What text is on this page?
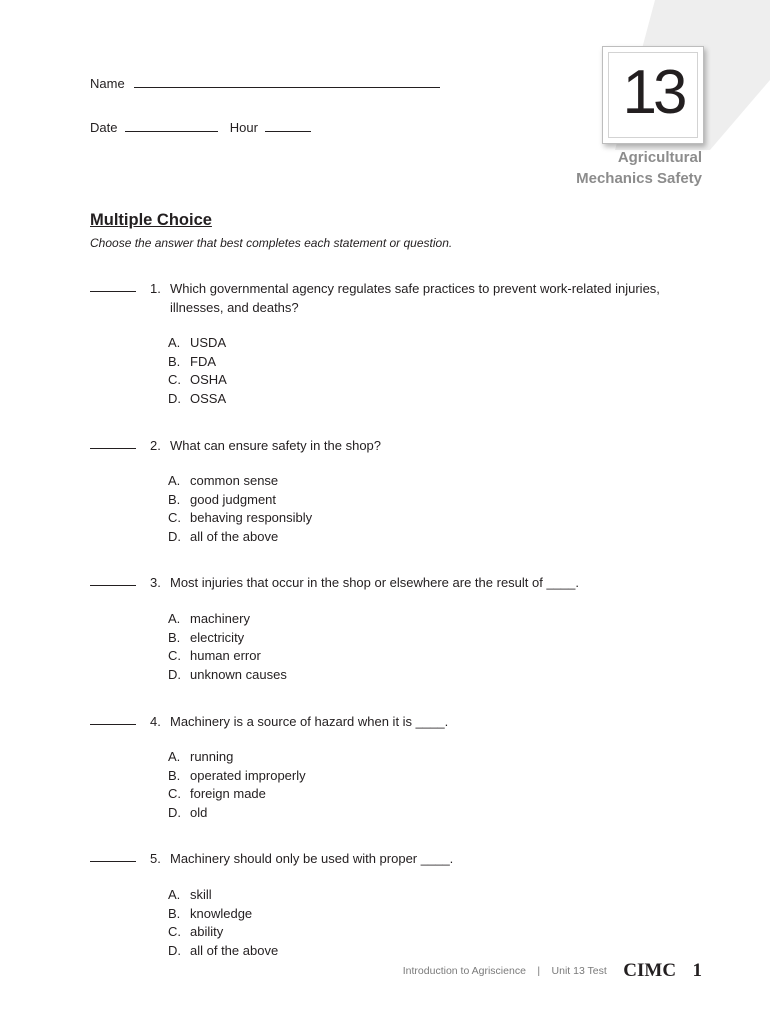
13
Agricultural
Mechanics Safety
Name
Date	Hour
Multiple Choice
Choose the answer that best completes each statement or question.
1. Which governmental agency regulates safe practices to prevent work-related injuries, illnesses, and deaths?
A. USDA
B. FDA
C. OSHA
D. OSSA
2. What can ensure safety in the shop?
A. common sense
B. good judgment
C. behaving responsibly
D. all of the above
3. Most injuries that occur in the shop or elsewhere are the result of ____.
A. machinery
B. electricity
C. human error
D. unknown causes
4. Machinery is a source of hazard when it is ____.
A. running
B. operated improperly
C. foreign made
D. old
5. Machinery should only be used with proper ____.
A. skill
B. knowledge
C. ability
D. all of the above
Introduction to Agriscience | Unit 13 Test CIMC 1
